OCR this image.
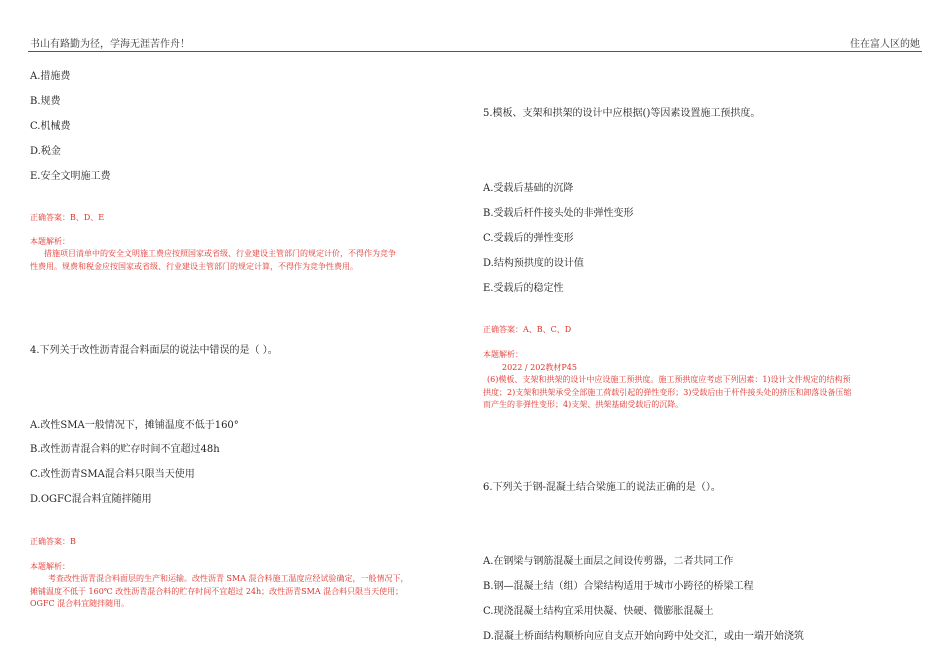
书山有路勤为径，学海无涯苦作舟！	住在富人区的她
A.措施费
B.规费
C.机械费
D.税金
E.安全文明施工费
正确答案：B、D、E
本题解析：
措施项目清单中的安全文明施工费应按照国家或省级、行业建设主管部门的规定计价，不得作为竞争
性费用。规费和税金应按国家或省级、行业建设主管部门的规定计算，不得作为竞争性费用。
4.下列关于改性沥青混合料面层的说法中错误的是（ ）。
A.改性SMA一般情况下，摊铺温度不低于160°
B.改性沥青混合料的贮存时间不宜超过48h
C.改性沥青SMA混合料只限当天使用
D.OGFC混合料宜随拌随用
正确答案：B
本题解析：
考查改性沥青混合料面层的生产和运输。改性沥青 SMA 混合料施工温度应经试验确定，一般情况下，
摊铺温度不低于 160℃ 改性沥青混合料的贮存时间不宜超过 24h；改性沥青SMA 混合料只限当天使用；
OGFC 混合料宜随拌随用。
5.模板、支架和拱架的设计中应根据()等因素设置施工预拱度。
A.受载后基础的沉降
B.受载后杆件接头处的非弹性变形
C.受载后的弹性变形
D.结构预拱度的设计值
E.受载后的稳定性
正确答案：A、B、C、D
本题解析：
2022 / 202教材P45
(6)模板、支架和拱架的设计中应设施工预拱度。施工预拱度应考虑下列因素：1)设计文件规定的结构预
拱度；2)支架和拱架承受全部施工荷载引起的弹性变形；3)受载后由于杆件接头处的挤压和卸落设备压缩
而产生的非弹性变形；4)支架、拱架基础受载后的沉降。
6.下列关于钢-混凝土结合梁施工的说法正确的是（）。
A.在钢梁与钢筋混凝土面层之间设传剪器，二者共同工作
B.钢—混凝土结（组）合梁结构适用于城市小跨径的桥梁工程
C.现浇混凝土结构宜采用快凝、快硬、微膨胀混凝土
D.混凝土桥面结构顺桥向应自支点开始向跨中处交汇，或由一端开始浇筑
